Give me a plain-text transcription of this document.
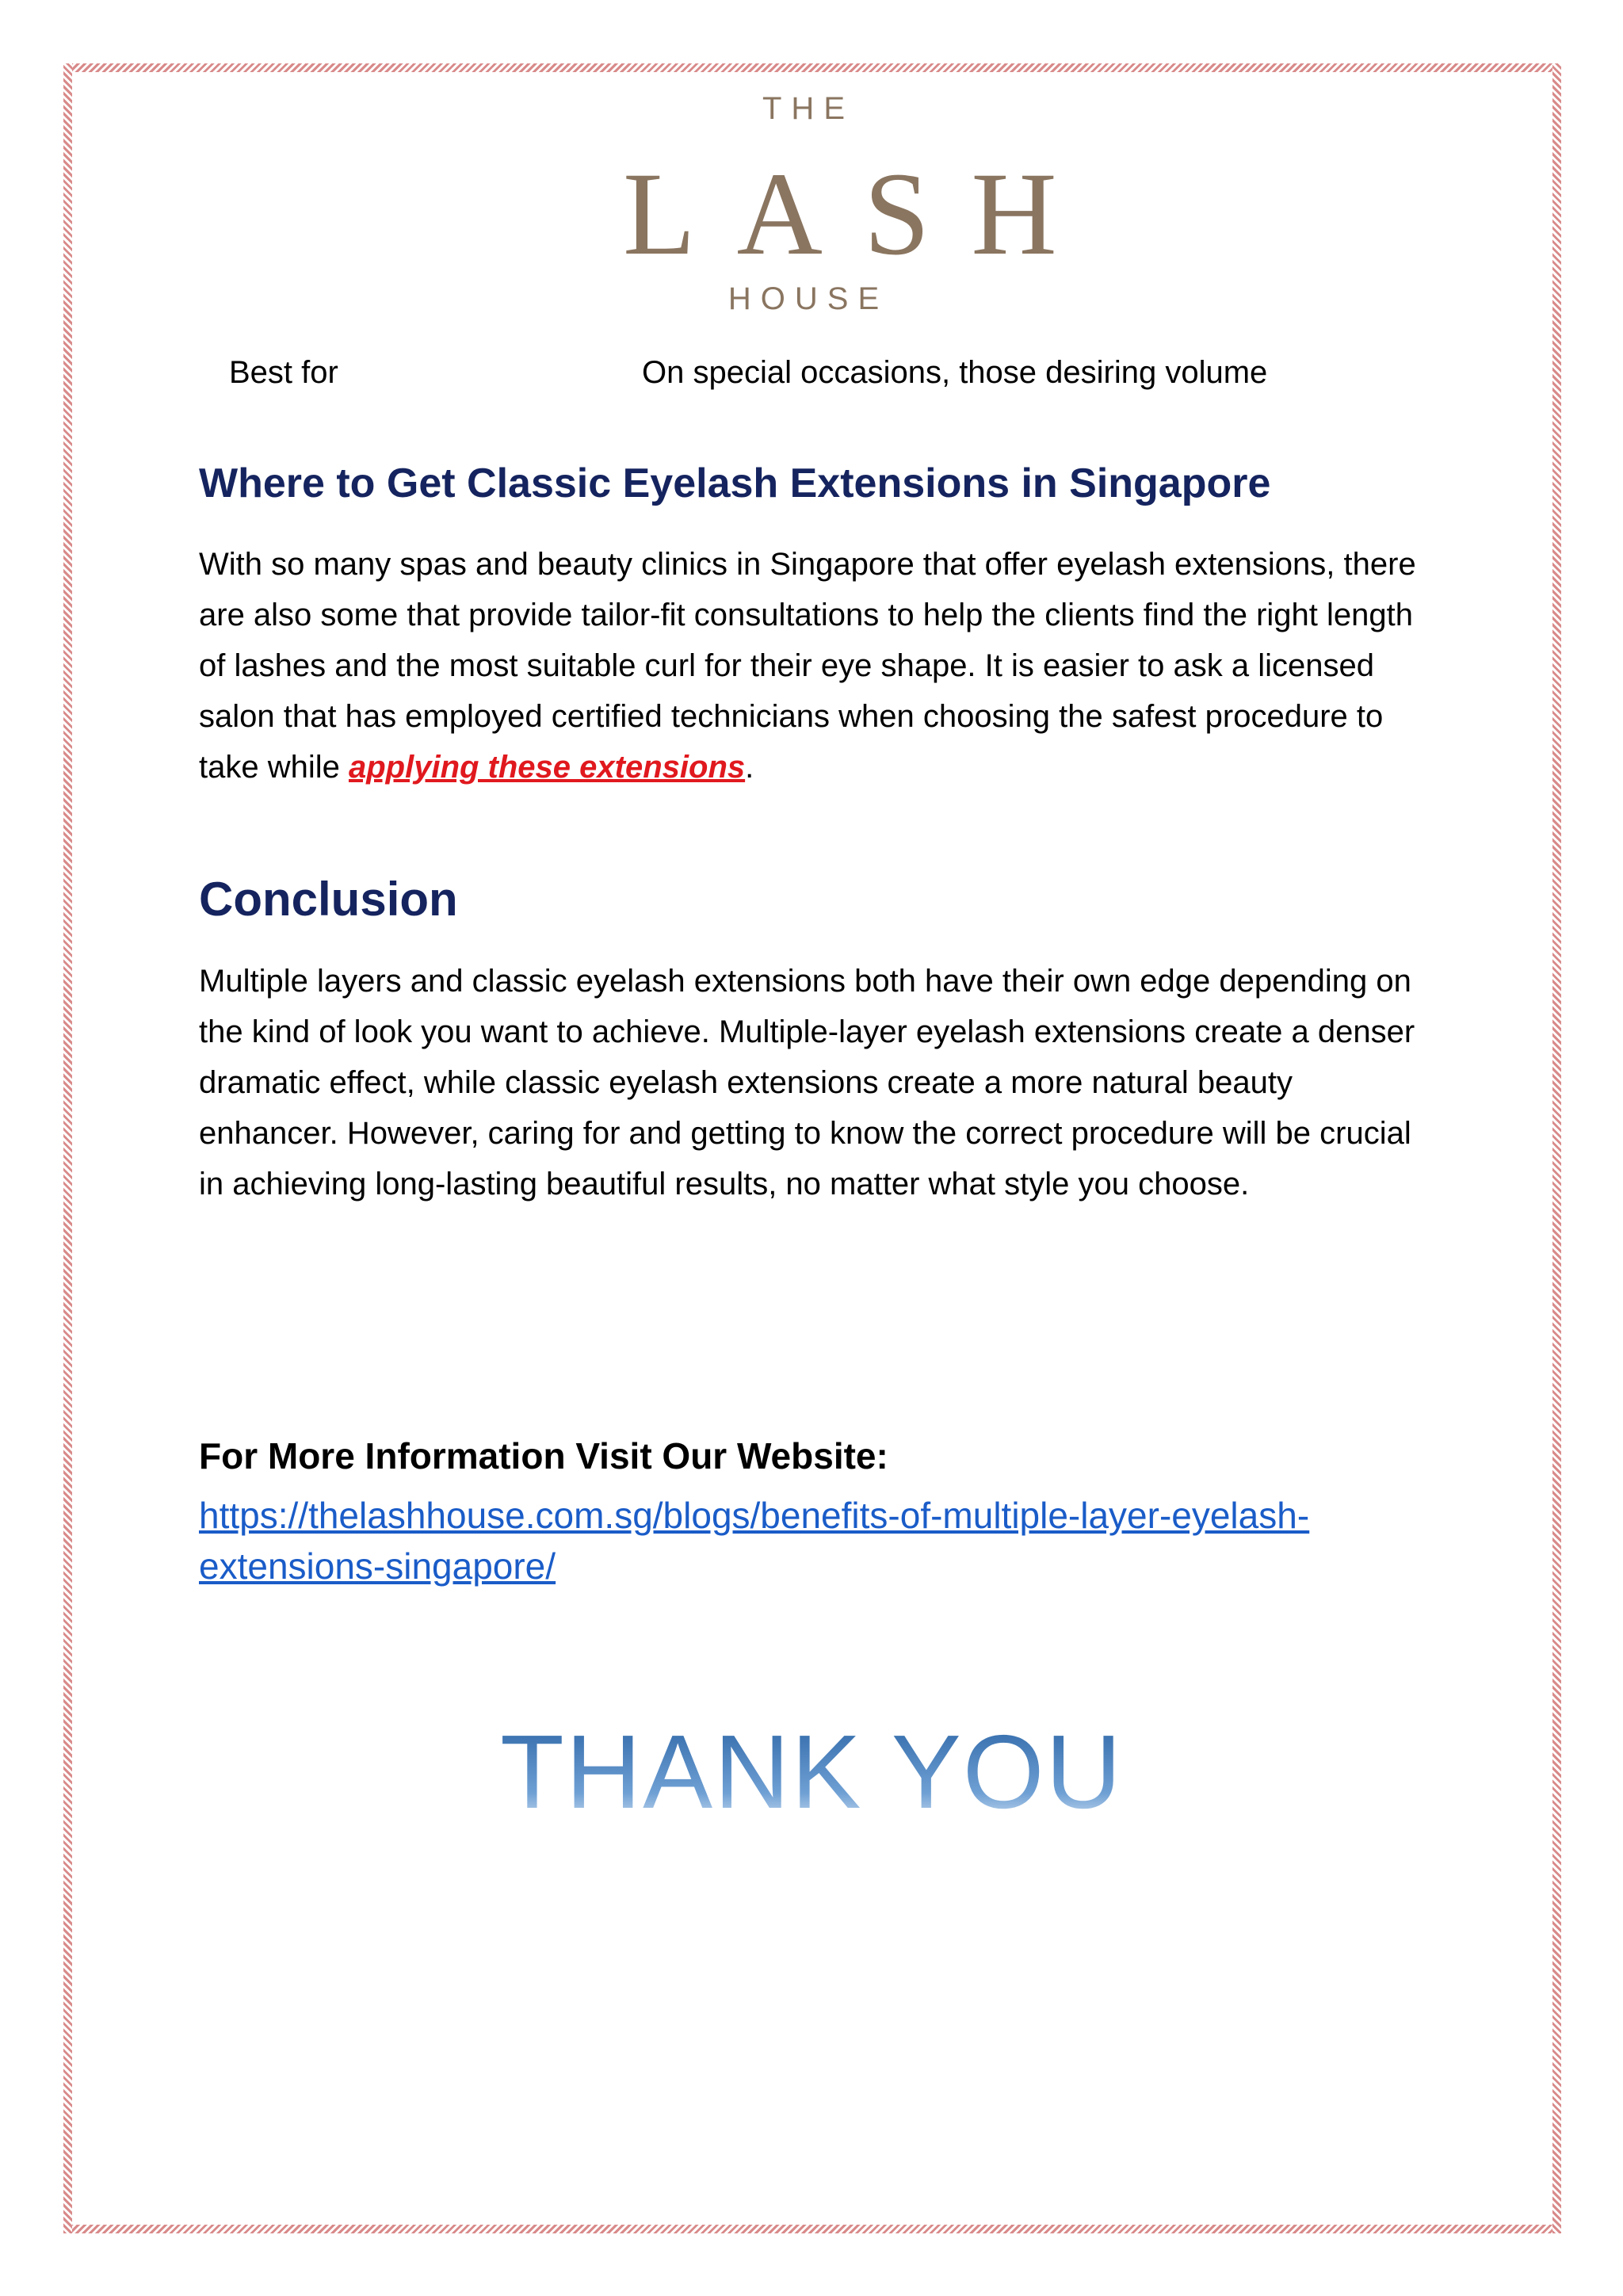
THE
LASH
HOUSE
Best for	On special occasions, those desiring volume
Where to Get Classic Eyelash Extensions in Singapore

With so many spas and beauty clinics in Singapore that offer eyelash extensions, there are also some that provide tailor-fit consultations to help the clients find the right length of lashes and the most suitable curl for their eye shape. It is easier to ask a licensed salon that has employed certified technicians when choosing the safest procedure to take while applying these extensions.

Conclusion

Multiple layers and classic eyelash extensions both have their own edge depending on the kind of look you want to achieve. Multiple-layer eyelash extensions create a denser dramatic effect, while classic eyelash extensions create a more natural beauty enhancer. However, caring for and getting to know the correct procedure will be crucial in achieving long-lasting beautiful results, no matter what style you choose.

For More Information Visit Our Website:

https://thelashhouse.com.sg/blogs/benefits-of-multiple-layer-eyelash-extensions-singapore/

THANK YOU
